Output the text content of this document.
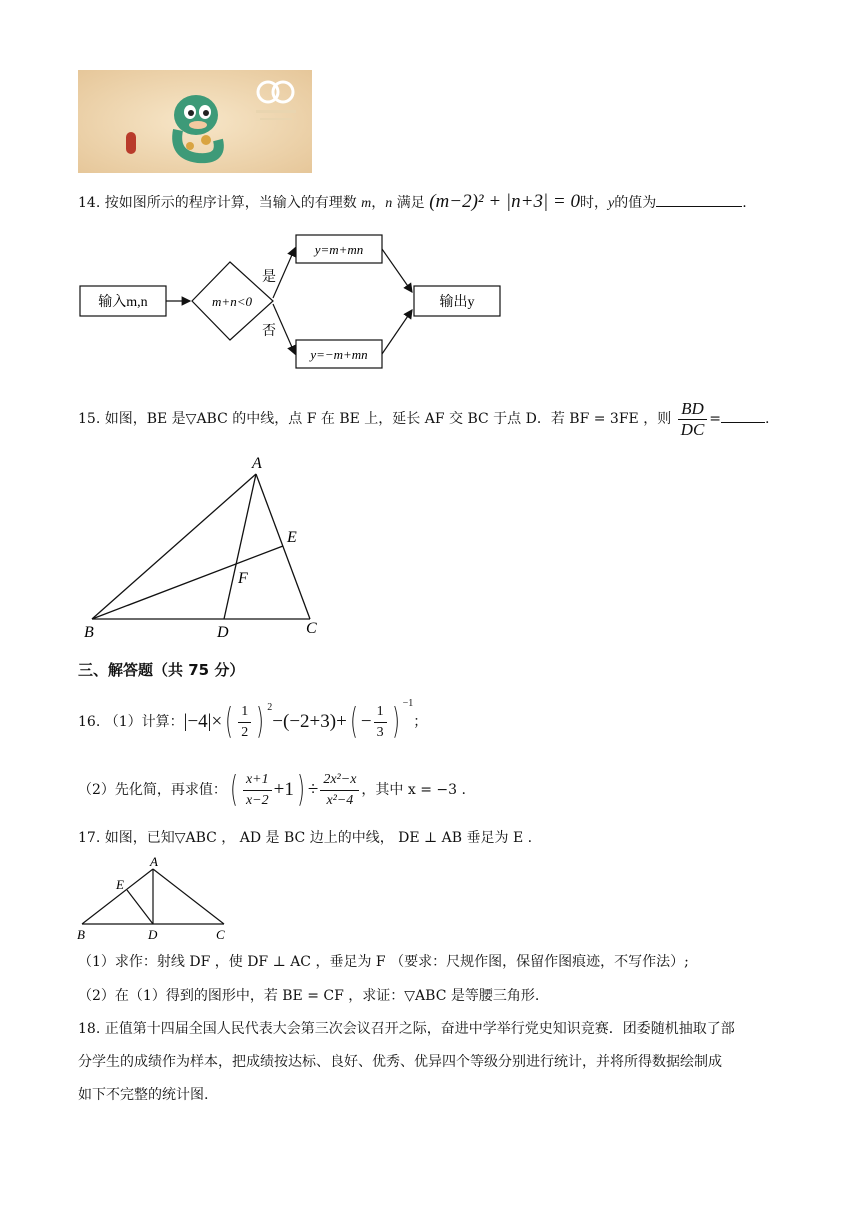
14. 按如图所示的程序计算，当输入的有理数 m，n 满足 (m−2)² + |n+3| = 0时，y的值为	.
输入m,n	m+n<0
是
否
y=m+mn
y=−m+mn
输出y
15. 如图，BE 是▽ABC 的中线，点 F 在 BE 上，延长 AF 交 BC 于点 D．若 BF = 3FE ，则 $\frac{BD}{DC}$ =	.
A
B	C
D
E
F
三、解答题（共 75 分）
16.
（1）计算： |−4|× ( $\frac{1}{2}$ ) $^2$
−(−2+3)+ ( − $\frac{1}{3}$ ) $^{-1}$
；
（2）先化简，再求值： ( $\frac{x+1}{x-2} +1$ ) ÷ $\frac{\text{2x²−x}}{\text{x²−4}}$ ，其中 x = −3 .
17. 如图，已知▽ABC ， AD 是 BC 边上的中线， DE ⊥ AB 垂足为 E .
A
B	C
D
E
（1）求作：射线 DF ，使 DF ⊥ AC ，垂足为 F （要求：尺规作图，保留作图痕迹，不写作法）;
（2）在（1）得到的图形中，若 BE = CF ，求证：▽ABC 是等腰三角形.
18. 正值第十四届全国人民代表大会第三次会议召开之际，奋进中学举行党史知识竞赛．团委随机抽取了部
分学生的成绩作为样本，把成绩按达标、良好、优秀、优异四个等级分别进行统计，并将所得数据绘制成
如下不完整的统计图.
